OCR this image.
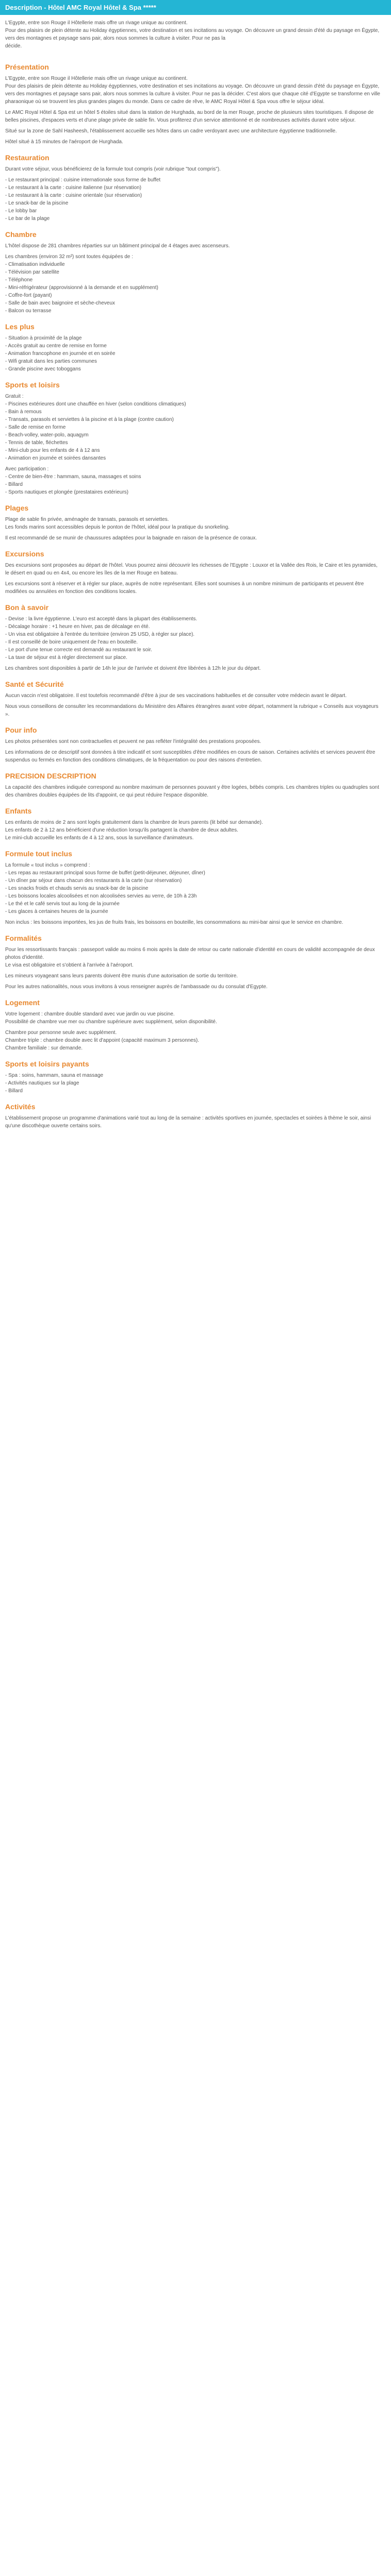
Description - Hôtel AMC Royal Hôtel & Spa *****

L'Egypte, entre son Rouge il Hôtellerie mais offre un rivage unique au continent.
Pour des plaisirs de plein détente au Holiday égyptiennes, votre destination et ses incitations au voyage. On découvre un grand dessin d'été du paysage en Égypte, vers des montagnes et paysage sans pair, alors nous sommes la culture à visiter. Pour ne pas la
décide.

Présentation

L'Egypte, entre son Rouge il Hôtellerie mais offre un rivage unique au continent.
Pour des plaisirs de plein détente au Holiday égyptiennes, votre destination et ses incitations au voyage. On découvre un grand dessin d'été du paysage en Égypte, vers des montagnes et paysage sans pair, alors nous sommes la culture à visiter. Pour ne pas la décider. C'est alors que chaque cité d'Egypte se transforme en ville pharaonique où se trouvent les plus grandes plages du monde. Dans ce cadre de rêve, le AMC Royal Hôtel & Spa vous offre le séjour idéal.

Le AMC Royal Hôtel & Spa est un hôtel 5 étoiles situé dans la station de Hurghada, au bord de la mer Rouge, proche de plusieurs sites touristiques. Il dispose de belles piscines, d'espaces verts et d'une plage privée de sable fin. Vous profiterez d'un service attentionné et de nombreuses activités durant votre séjour.

Situé sur la zone de Sahl Hasheesh, l'établissement accueille ses hôtes dans un cadre verdoyant avec une architecture égyptienne traditionnelle.

Hôtel situé à 15 minutes de l'aéroport de Hurghada.

Restauration

Durant votre séjour, vous bénéficierez de la formule tout compris (voir rubrique "tout compris").

- Le restaurant principal : cuisine internationale sous forme de buffet
- Le restaurant à la carte : cuisine italienne (sur réservation)
- Le restaurant à la carte : cuisine orientale (sur réservation)
- Le snack-bar de la piscine
- Le lobby bar
- Le bar de la plage

Chambre

L'hôtel dispose de 281 chambres réparties sur un bâtiment principal de 4 étages avec ascenseurs.

Les chambres (environ 32 m²) sont toutes équipées de :
- Climatisation individuelle
- Télévision par satellite
- Téléphone
- Mini-réfrigérateur (approvisionné à la demande et en supplément)
- Coffre-fort (payant)
- Salle de bain avec baignoire et sèche-cheveux
- Balcon ou terrasse

Les plus

- Situation à proximité de la plage
- Accès gratuit au centre de remise en forme
- Animation francophone en journée et en soirée
- Wifi gratuit dans les parties communes
- Grande piscine avec toboggans

Sports et loisirs

Gratuit :
- Piscines extérieures dont une chauffée en hiver (selon conditions climatiques)
- Bain à remous
- Transats, parasols et serviettes à la piscine et à la plage (contre caution)
- Salle de remise en forme
- Beach-volley, water-polo, aquagym
- Tennis de table, fléchettes
- Mini-club pour les enfants de 4 à 12 ans
- Animation en journée et soirées dansantes

Avec participation :
- Centre de bien-être : hammam, sauna, massages et soins
- Billard
- Sports nautiques et plongée (prestataires extérieurs)

Plages

Plage de sable fin privée, aménagée de transats, parasols et serviettes.
Les fonds marins sont accessibles depuis le ponton de l'hôtel, idéal pour la pratique du snorkeling.

Il est recommandé de se munir de chaussures adaptées pour la baignade en raison de la présence de coraux.

Excursions

Des excursions sont proposées au départ de l'hôtel. Vous pourrez ainsi découvrir les richesses de l'Egypte : Louxor et la Vallée des Rois, le Caire et les pyramides, le désert en quad ou en 4x4, ou encore les îles de la mer Rouge en bateau.

Les excursions sont à réserver et à régler sur place, auprès de notre représentant. Elles sont soumises à un nombre minimum de participants et peuvent être modifiées ou annulées en fonction des conditions locales.

Bon à savoir

- Devise : la livre égyptienne. L'euro est accepté dans la plupart des établissements.
- Décalage horaire : +1 heure en hiver, pas de décalage en été.
- Un visa est obligatoire à l'entrée du territoire (environ 25 USD, à régler sur place).
- Il est conseillé de boire uniquement de l'eau en bouteille.
- Le port d'une tenue correcte est demandé au restaurant le soir.
- La taxe de séjour est à régler directement sur place.

Les chambres sont disponibles à partir de 14h le jour de l'arrivée et doivent être libérées à 12h le jour du départ.

Santé et Sécurité

Aucun vaccin n'est obligatoire. Il est toutefois recommandé d'être à jour de ses vaccinations habituelles et de consulter votre médecin avant le départ.

Nous vous conseillons de consulter les recommandations du Ministère des Affaires étrangères avant votre départ, notamment la rubrique « Conseils aux voyageurs ».

Pour info

Les photos présentées sont non contractuelles et peuvent ne pas refléter l'intégralité des prestations proposées.

Les informations de ce descriptif sont données à titre indicatif et sont susceptibles d'être modifiées en cours de saison. Certaines activités et services peuvent être suspendus ou fermés en fonction des conditions climatiques, de la fréquentation ou pour des raisons d'entretien.

PRECISION DESCRIPTION

La capacité des chambres indiquée correspond au nombre maximum de personnes pouvant y être logées, bébés compris. Les chambres triples ou quadruples sont des chambres doubles équipées de lits d'appoint, ce qui peut réduire l'espace disponible.

Enfants

Les enfants de moins de 2 ans sont logés gratuitement dans la chambre de leurs parents (lit bébé sur demande).
Les enfants de 2 à 12 ans bénéficient d'une réduction lorsqu'ils partagent la chambre de deux adultes.
Le mini-club accueille les enfants de 4 à 12 ans, sous la surveillance d'animateurs.

Formule tout inclus

La formule « tout inclus » comprend :
- Les repas au restaurant principal sous forme de buffet (petit-déjeuner, déjeuner, dîner)
- Un dîner par séjour dans chacun des restaurants à la carte (sur réservation)
- Les snacks froids et chauds servis au snack-bar de la piscine
- Les boissons locales alcoolisées et non alcoolisées servies au verre, de 10h à 23h
- Le thé et le café servis tout au long de la journée
- Les glaces à certaines heures de la journée

Non inclus : les boissons importées, les jus de fruits frais, les boissons en bouteille, les consommations au mini-bar ainsi que le service en chambre.

Formalités

Pour les ressortissants français : passeport valide au moins 6 mois après la date de retour ou carte nationale d'identité en cours de validité accompagnée de deux photos d'identité.
Le visa est obligatoire et s'obtient à l'arrivée à l'aéroport.

Les mineurs voyageant sans leurs parents doivent être munis d'une autorisation de sortie du territoire.

Pour les autres nationalités, nous vous invitons à vous renseigner auprès de l'ambassade ou du consulat d'Egypte.

Logement

Votre logement : chambre double standard avec vue jardin ou vue piscine.
Possibilité de chambre vue mer ou chambre supérieure avec supplément, selon disponibilité.

Chambre pour personne seule avec supplément.
Chambre triple : chambre double avec lit d'appoint (capacité maximum 3 personnes).
Chambre familiale : sur demande.

Sports et loisirs payants

- Spa : soins, hammam, sauna et massage
- Activités nautiques sur la plage
- Billard

Activités

L'établissement propose un programme d'animations varié tout au long de la semaine : activités sportives en journée, spectacles et soirées à thème le soir, ainsi qu'une discothèque ouverte certains soirs.
